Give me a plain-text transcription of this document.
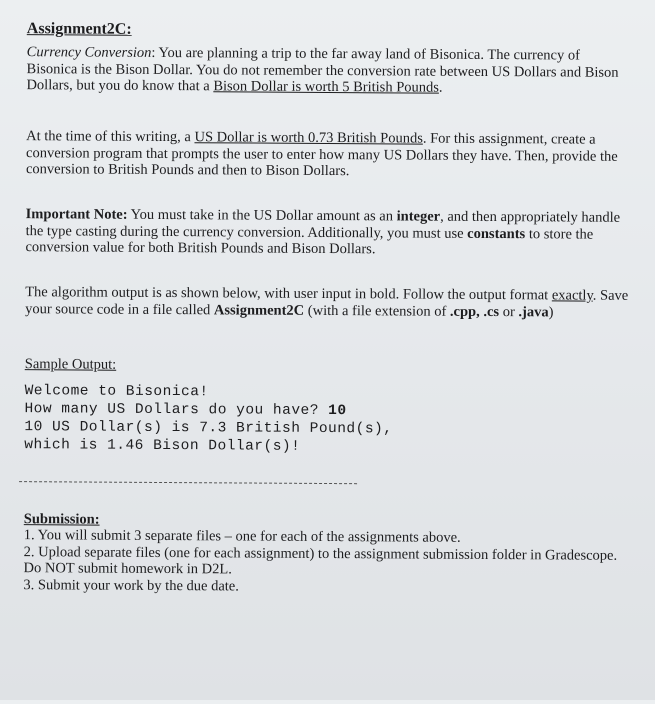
Assignment2C:
Currency Conversion: You are planning a trip to the far away land of Bisonica. The currency of Bisonica is the Bison Dollar. You do not remember the conversion rate between US Dollars and Bison Dollars, but you do know that a Bison Dollar is worth 5 British Pounds.
At the time of this writing, a US Dollar is worth 0.73 British Pounds. For this assignment, create a conversion program that prompts the user to enter how many US Dollars they have. Then, provide the conversion to British Pounds and then to Bison Dollars.
Important Note: You must take in the US Dollar amount as an integer, and then appropriately handle the type casting during the currency conversion. Additionally, you must use constants to store the conversion value for both British Pounds and Bison Dollars.
The algorithm output is as shown below, with user input in bold. Follow the output format exactly. Save your source code in a file called Assignment2C (with a file extension of .cpp, .cs or .java)
Sample Output:
Welcome to Bisonica!
How many US Dollars do you have? 10
10 US Dollar(s) is 7.3 British Pound(s),
which is 1.46 Bison Dollar(s)!
Submission:
1. You will submit 3 separate files – one for each of the assignments above.
2. Upload separate files (one for each assignment) to the assignment submission folder in Gradescope. Do NOT submit homework in D2L.
3. Submit your work by the due date.
